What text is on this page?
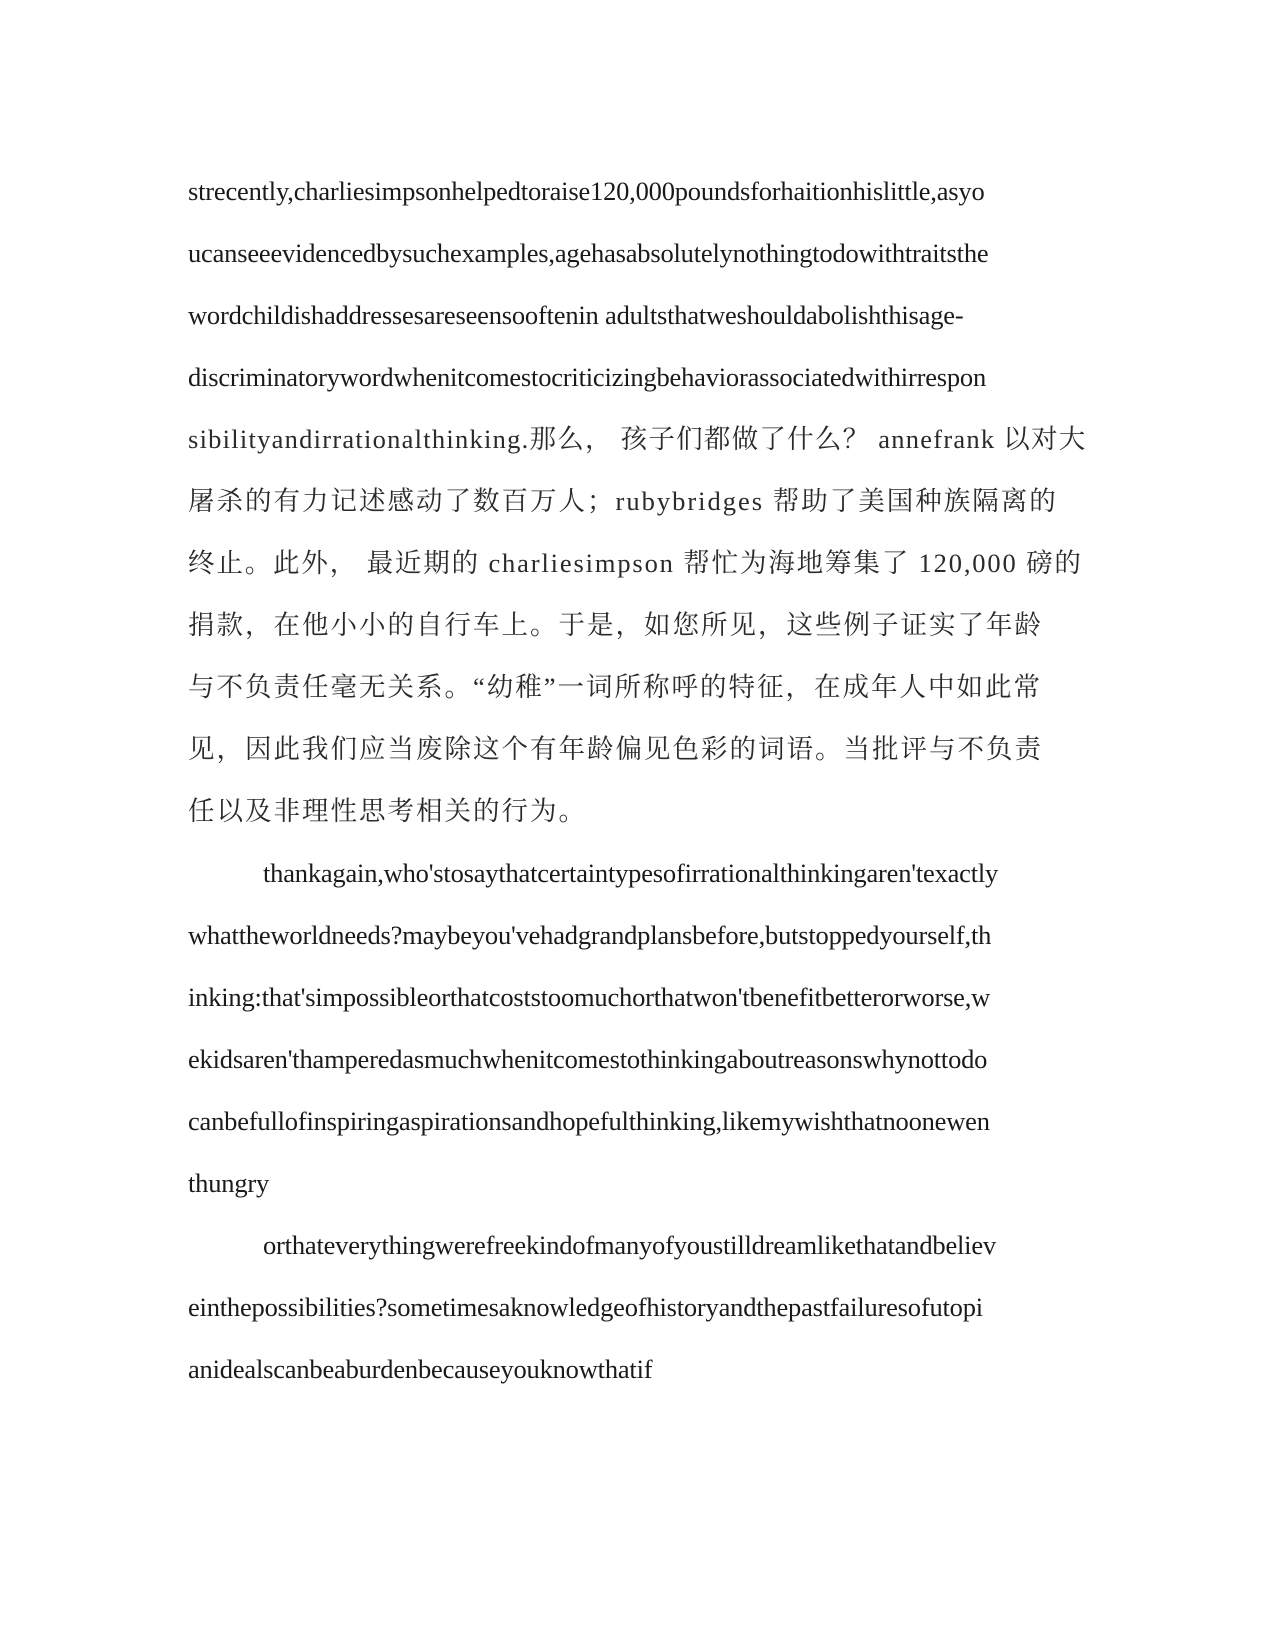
strecently,charliesimpsonhelpedtoraise120,000poundsforhaitionhislittle,asyo
ucanseeevidencedbysuchexamples,agehasabsolutelynothingtodowithtraitsthe
wordchildishaddressesareseensooftenin adultsthatweshouldabolishthisage-
discriminatorywordwhenitcomestocriticizingbehaviorassociatedwithirrespon
sibilityandirrationalthinking.那么， 孩子们都做了什么？ annefrank 以对大
屠杀的有力记述感动了数百万人；rubybridges 帮助了美国种族隔离的
终止。此外， 最近期的 charliesimpson 帮忙为海地筹集了 120,000 磅的
捐款，在他小小的自行车上。于是，如您所见，这些例子证实了年龄
与不负责任毫无关系。“幼稚”一词所称呼的特征，在成年人中如此常
见，因此我们应当废除这个有年龄偏见色彩的词语。当批评与不负责
任以及非理性思考相关的行为。
thankagain,who'stosaythatcertaintypesofirrationalthinkingaren'texactly
whattheworldneeds?maybeyou'vehadgrandplansbefore,butstoppedyourself,th
inking:that'simpossibleorthatcoststoomuchorthatwon'tbenefitbetterorworse,w
ekidsaren'thamperedasmuchwhenitcomestothinkingaboutreasonswhynottodo
canbefullofinspiringaspirationsandhopefulthinking,likemywishthatnoonewen
thungry
orthateverythingwerefreekindofmanyofyoustilldreamlikethatandbeliev
einthepossibilities?sometimesaknowledgeofhistoryandthepastfailuresofutopi
anidealscanbeaburdenbecauseyouknowthatif
